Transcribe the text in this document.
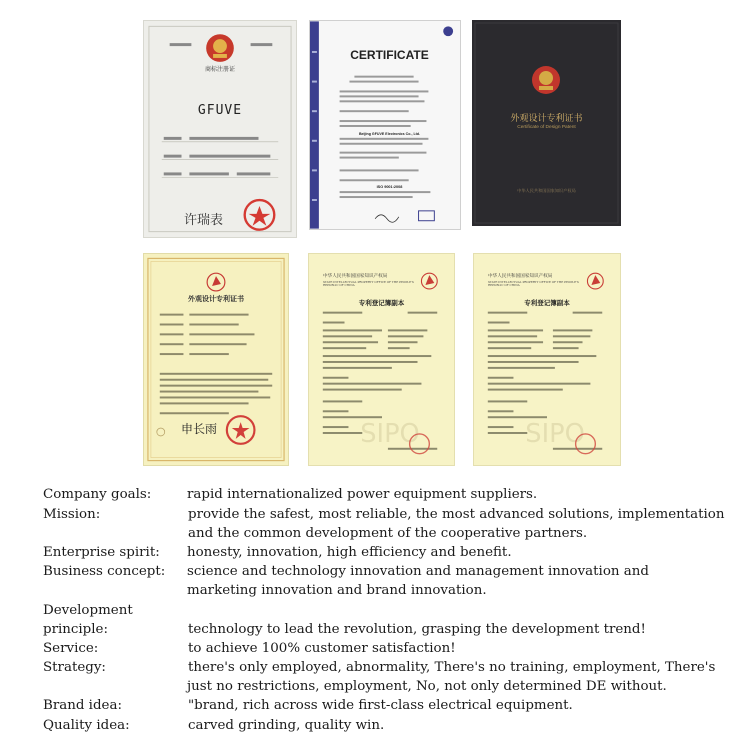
商标注册证
GFUVE
许瑞表
CERTIFICATE
Beijing GFUVE Electronics Co., Ltd.
ISO 9001:2008
外观设计专利证书
Certificate of Design Patent
中华人民共和国国家知识产权局
外观设计专利证书
申长雨	SIPO
中华人民共和国国家知识产权局
STATE INTELLECTUAL PROPERTY OFFICE OF THE PEOPLE'S REPUBLIC OF CHINA
专利登记簿副本
SIPO
中华人民共和国国家知识产权局
STATE INTELLECTUAL PROPERTY OFFICE OF THE PEOPLE'S REPUBLIC OF CHINA
专利登记簿副本
Company goals:	rapid internationalized power equipment suppliers.
Mission:	provide the safest, most reliable, the most advanced solutions, implementation
and the common development of the cooperative partners.
Enterprise spirit: honesty, innovation, high efficiency and benefit.
Business concept: science and technology innovation and management innovation and
marketing innovation and brand innovation.
Development
principle:	technology to lead the revolution, grasping the development trend!
Service:	to achieve 100% customer satisfaction!
Strategy:	there's only employed, abnormality, There's no training, employment, There's
just no restrictions, employment, No, not only determined DE without.
Brand idea:	"brand, rich across wide first-class electrical equipment.
Quality idea:	carved grinding, quality win.
